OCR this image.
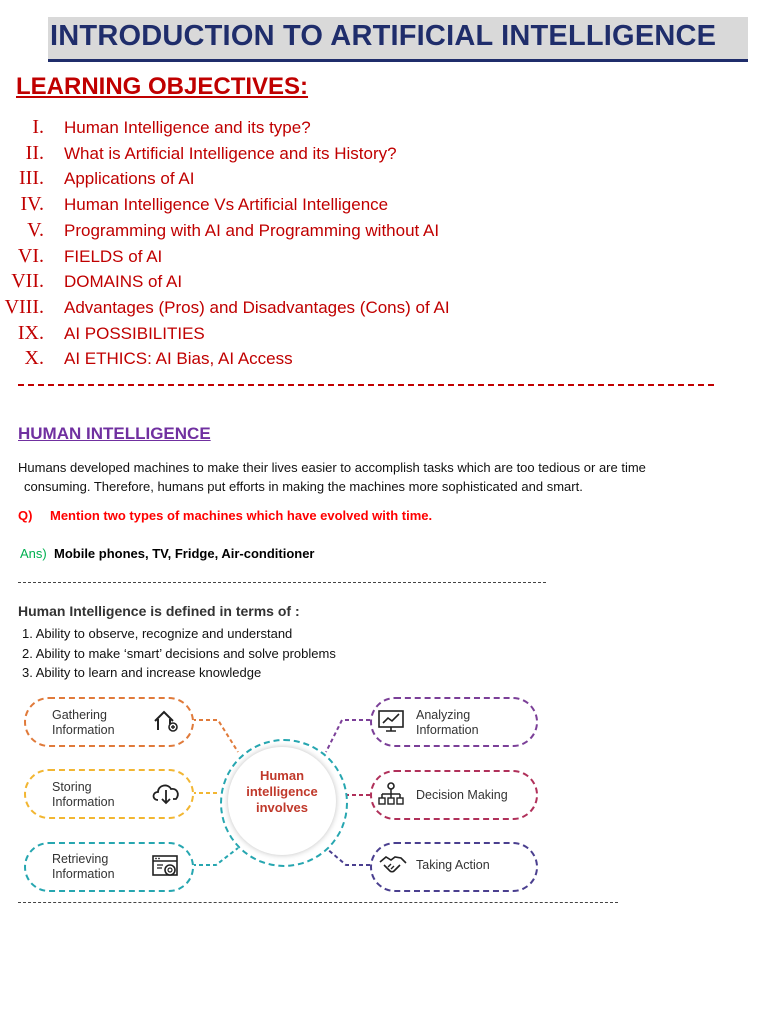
INTRODUCTION TO ARTIFICIAL INTELLIGENCE
LEARNING OBJECTIVES:
I. Human Intelligence and its type?
II. What is Artificial Intelligence and its History?
III. Applications of AI
IV. Human Intelligence Vs Artificial Intelligence
V. Programming with AI and Programming without AI
VI. FIELDS of AI
VII. DOMAINS of AI
VIII. Advantages (Pros) and Disadvantages (Cons) of AI
IX. AI POSSIBILITIES
X. AI ETHICS: AI Bias, AI Access
HUMAN INTELLIGENCE
Humans developed machines to make their lives easier to accomplish tasks which are too tedious or are time
consuming. Therefore, humans put efforts in making the machines more sophisticated and smart.
Q) Mention two types of machines which have evolved with time.
Ans) Mobile phones, TV, Fridge, Air-conditioner
Human Intelligence is defined in terms of :
1. Ability to observe, recognize and understand
2. Ability to make ‘smart’ decisions and solve problems
3. Ability to learn and increase knowledge
Gathering
Information
Storing
Information
Retrieving
Information
Human
intelligence
involves
Analyzing
Information
Decision Making
Taking Action
